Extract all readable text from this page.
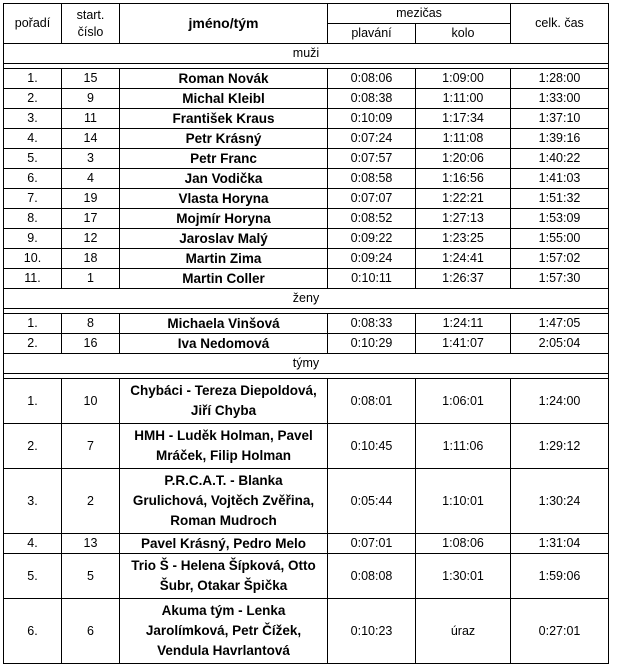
pořadí	start. číslo	jméno/tým	mezičas		celk. čas
			plavání	kolo	
muži					

1.	15	Roman Novák	0:08:06	1:09:00	1:28:00
2.	9	Michal Kleibl	0:08:38	1:11:00	1:33:00
3.	11	František Kraus	0:10:09	1:17:34	1:37:10
4.	14	Petr Krásný	0:07:24	1:11:08	1:39:16
5.	3	Petr Franc	0:07:57	1:20:06	1:40:22
6.	4	Jan Vodička	0:08:58	1:16:56	1:41:03
7.	19	Vlasta Horyna	0:07:07	1:22:21	1:51:32
8.	17	Mojmír Horyna	0:08:52	1:27:13	1:53:09
9.	12	Jaroslav Malý	0:09:22	1:23:25	1:55:00
10.	18	Martin Zima	0:09:24	1:24:41	1:57:02
11.	1	Martin Coller	0:10:11	1:26:37	1:57:30
ženy					

1.	8	Michaela Vinšová	0:08:33	1:24:11	1:47:05
2.	16	Iva Nedomová	0:10:29	1:41:07	2:05:04
týmy					

1.	10	Chybáci - Tereza Diepoldová,
Jiří Chyba	0:08:01	1:06:01	1:24:00
2.	7	HMH - Luděk Holman, Pavel
Mráček, Filip Holman	0:10:45	1:11:06	1:29:12
3.	2	P.R.C.A.T. - Blanka
Grulichová, Vojtěch Zvěřina,
Roman Mudroch	0:05:44	1:10:01	1:30:24
4.	13	Pavel Krásný, Pedro Melo	0:07:01	1:08:06	1:31:04
5.	5	Trio Š - Helena Šípková, Otto
Šubr, Otakar Špička	0:08:08	1:30:01	1:59:06
6.	6	Akuma tým - Lenka
Jarolímková, Petr Čížek,
Vendula Havrlantová	0:10:23	úraz	0:27:01
